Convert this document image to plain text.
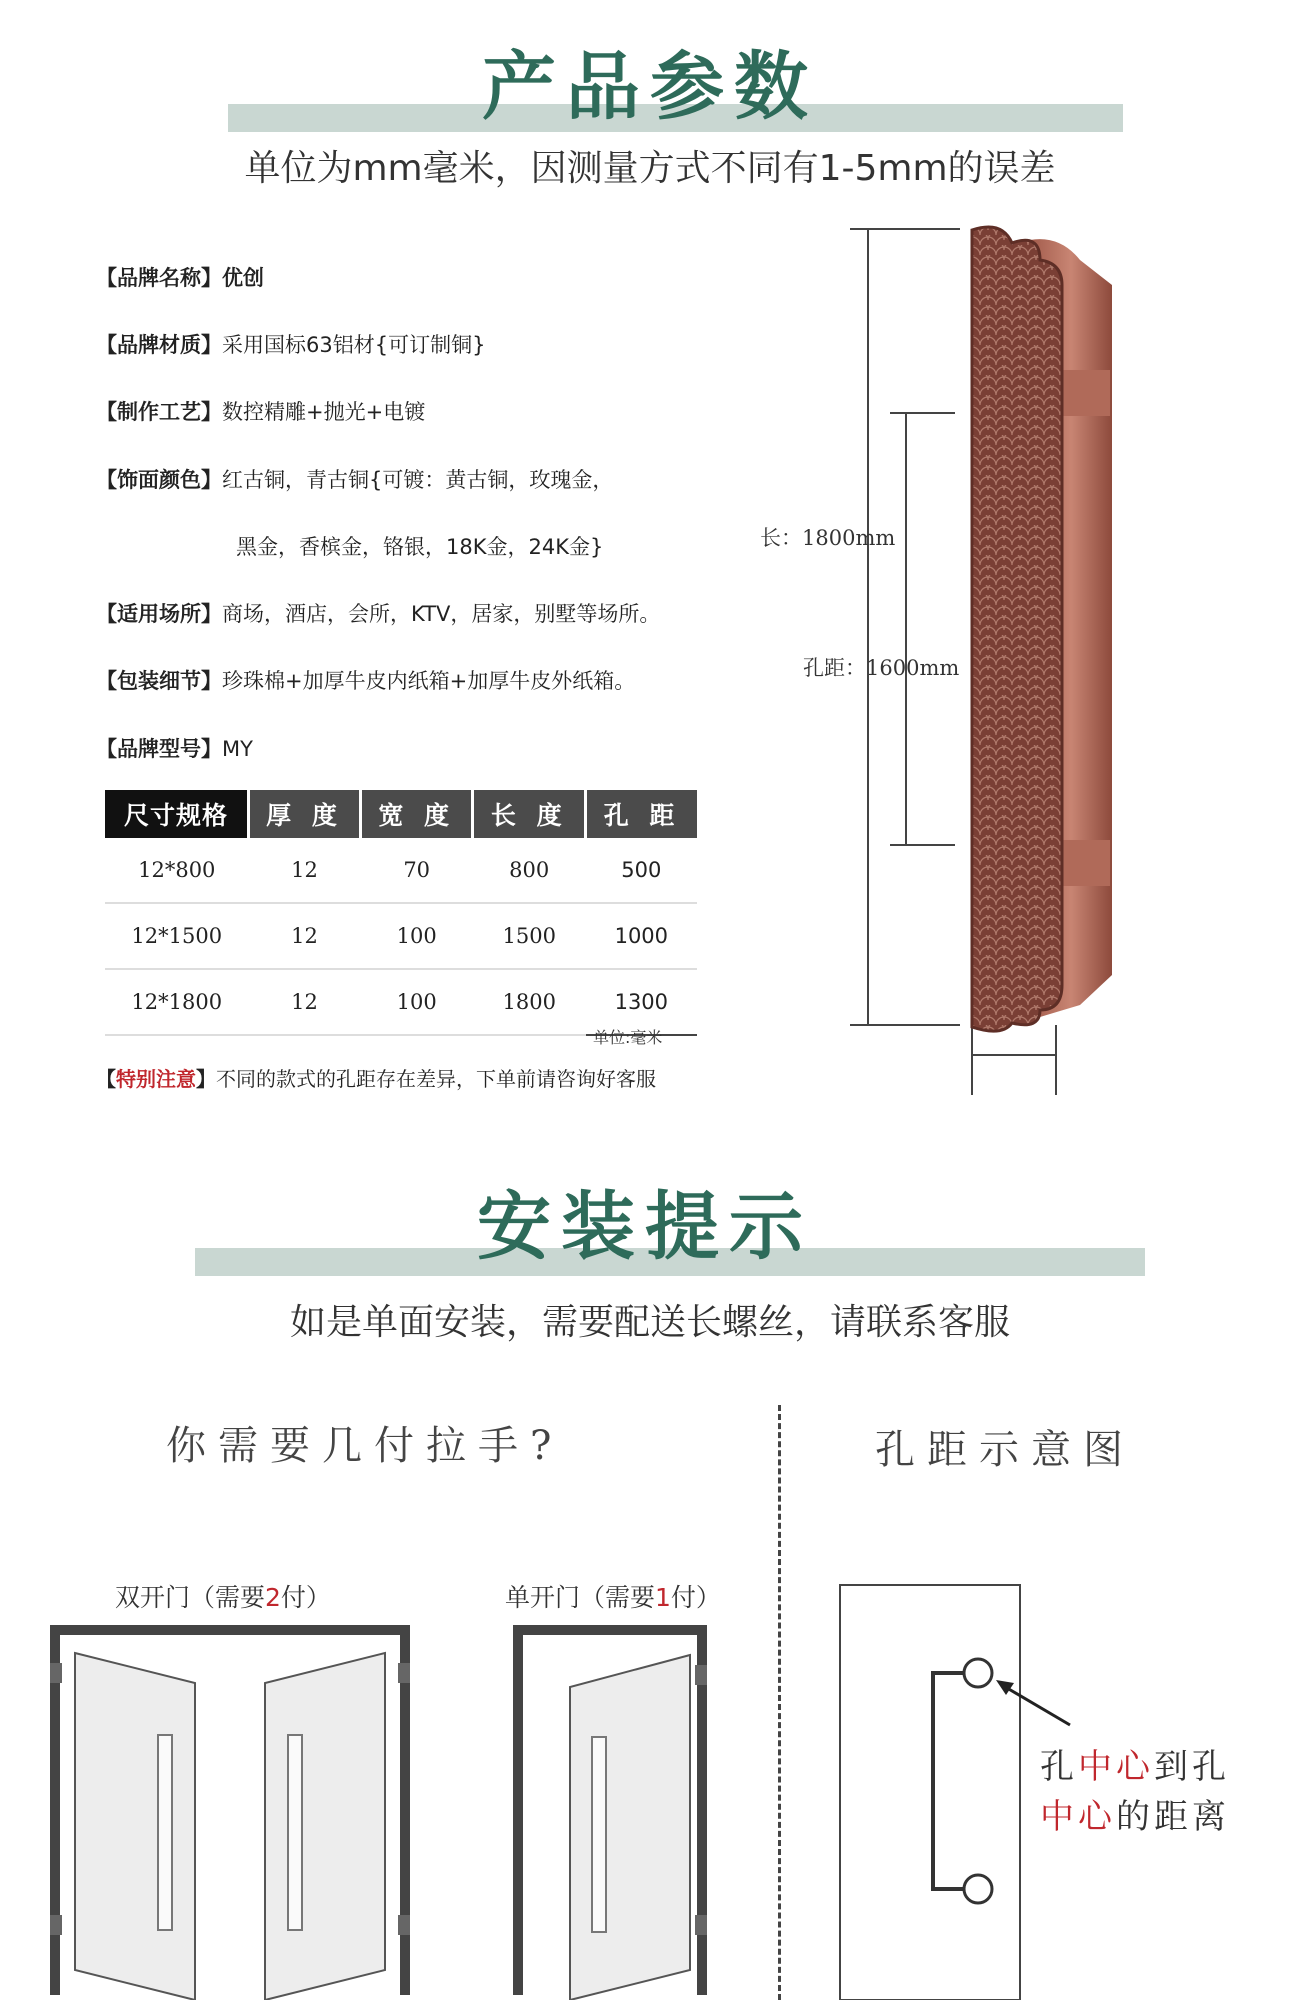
产品参数
单位为mm毫米，因测量方式不同有1-5mm的误差
【品牌名称】优创
【品牌材质】采用国标63铝材{可订制铜}
【制作工艺】数控精雕+抛光+电镀
【饰面颜色】红古铜，青古铜{可镀：黄古铜，玫瑰金，
黑金，香槟金，铬银，18K金，24K金}
【适用场所】商场，酒店，会所，KTV，居家，别墅等场所。
【包装细节】珍珠棉+加厚牛皮内纸箱+加厚牛皮外纸箱。
【品牌型号】MY
尺寸规格	厚 度	宽 度	长 度	孔 距
12*800	12	70	800	500
12*1500	12	100	1500	1000
12*1800	12	100	1800	1300
单位:毫米
【特别注意】不同的款式的孔距存在差异，下单前请咨询好客服
长：1800mm
孔距：1600mm
安装提示
如是单面安装，需要配送长螺丝，请联系客服
你需要几付拉手?	孔距示意图
双开门（需要2付）	单开门（需要1付）
孔中心到孔
中心的距离
